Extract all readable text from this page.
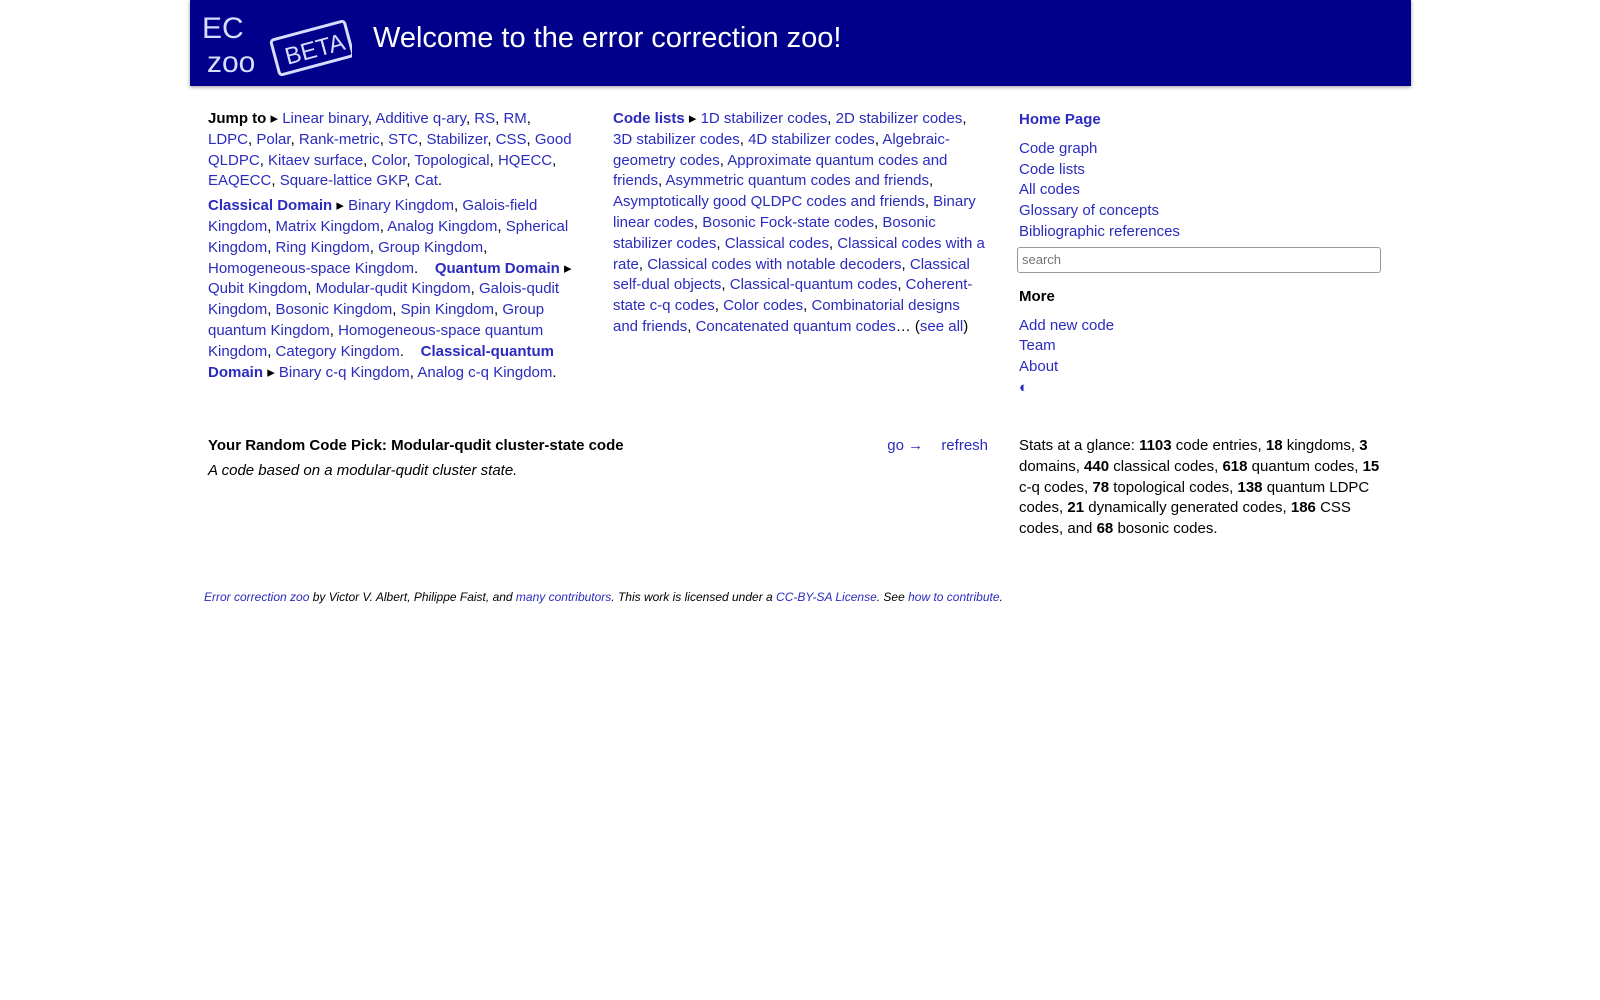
EC
zoo BETA Welcome to the error correction zoo!
Jump to ▸ Linear binary, Additive q-ary, RS, RM, LDPC, Polar, Rank-metric, STC, Stabilizer, CSS, Good QLDPC, Kitaev surface, Color, Topological, HQECC, EAQECC, Square-lattice GKP, Cat.
Classical Domain ▸ Binary Kingdom, Galois-field Kingdom, Matrix Kingdom, Analog Kingdom, Spherical Kingdom, Ring Kingdom, Group Kingdom, Homogeneous-space Kingdom. Quantum Domain ▸ Qubit Kingdom, Modular-qudit Kingdom, Galois-qudit Kingdom, Bosonic Kingdom, Spin Kingdom, Group quantum Kingdom, Homogeneous-space quantum Kingdom, Category Kingdom. Classical-quantum Domain ▸ Binary c-q Kingdom, Analog c-q Kingdom.
Code lists ▸ 1D stabilizer codes, 2D stabilizer codes, 3D stabilizer codes, 4D stabilizer codes, Algebraic-geometry codes, Approximate quantum codes and friends, Asymmetric quantum codes and friends, Asymptotically good QLDPC codes and friends, Binary linear codes, Bosonic Fock-state codes, Bosonic stabilizer codes, Classical codes, Classical codes with a rate, Classical codes with notable decoders, Classical self-dual objects, Classical-quantum codes, Coherent-state c-q codes, Color codes, Combinatorial designs and friends, Concatenated quantum codes… (see all)
Home Page
Code graph
Code lists
All codes
Glossary of concepts
Bibliographic references
search
More
Add new code
Team
About
◐
Your Random Code Pick: Modular-qudit cluster-state code	go → refresh
A code based on a modular-qudit cluster state.
Stats at a glance: 1103 code entries, 18 kingdoms, 3 domains, 440 classical codes, 618 quantum codes, 15 c-q codes, 78 topological codes, 138 quantum LDPC codes, 21 dynamically generated codes, 186 CSS codes, and 68 bosonic codes.
Error correction zoo by Victor V. Albert, Philippe Faist, and many contributors. This work is licensed under a CC-BY-SA License. See how to contribute.
